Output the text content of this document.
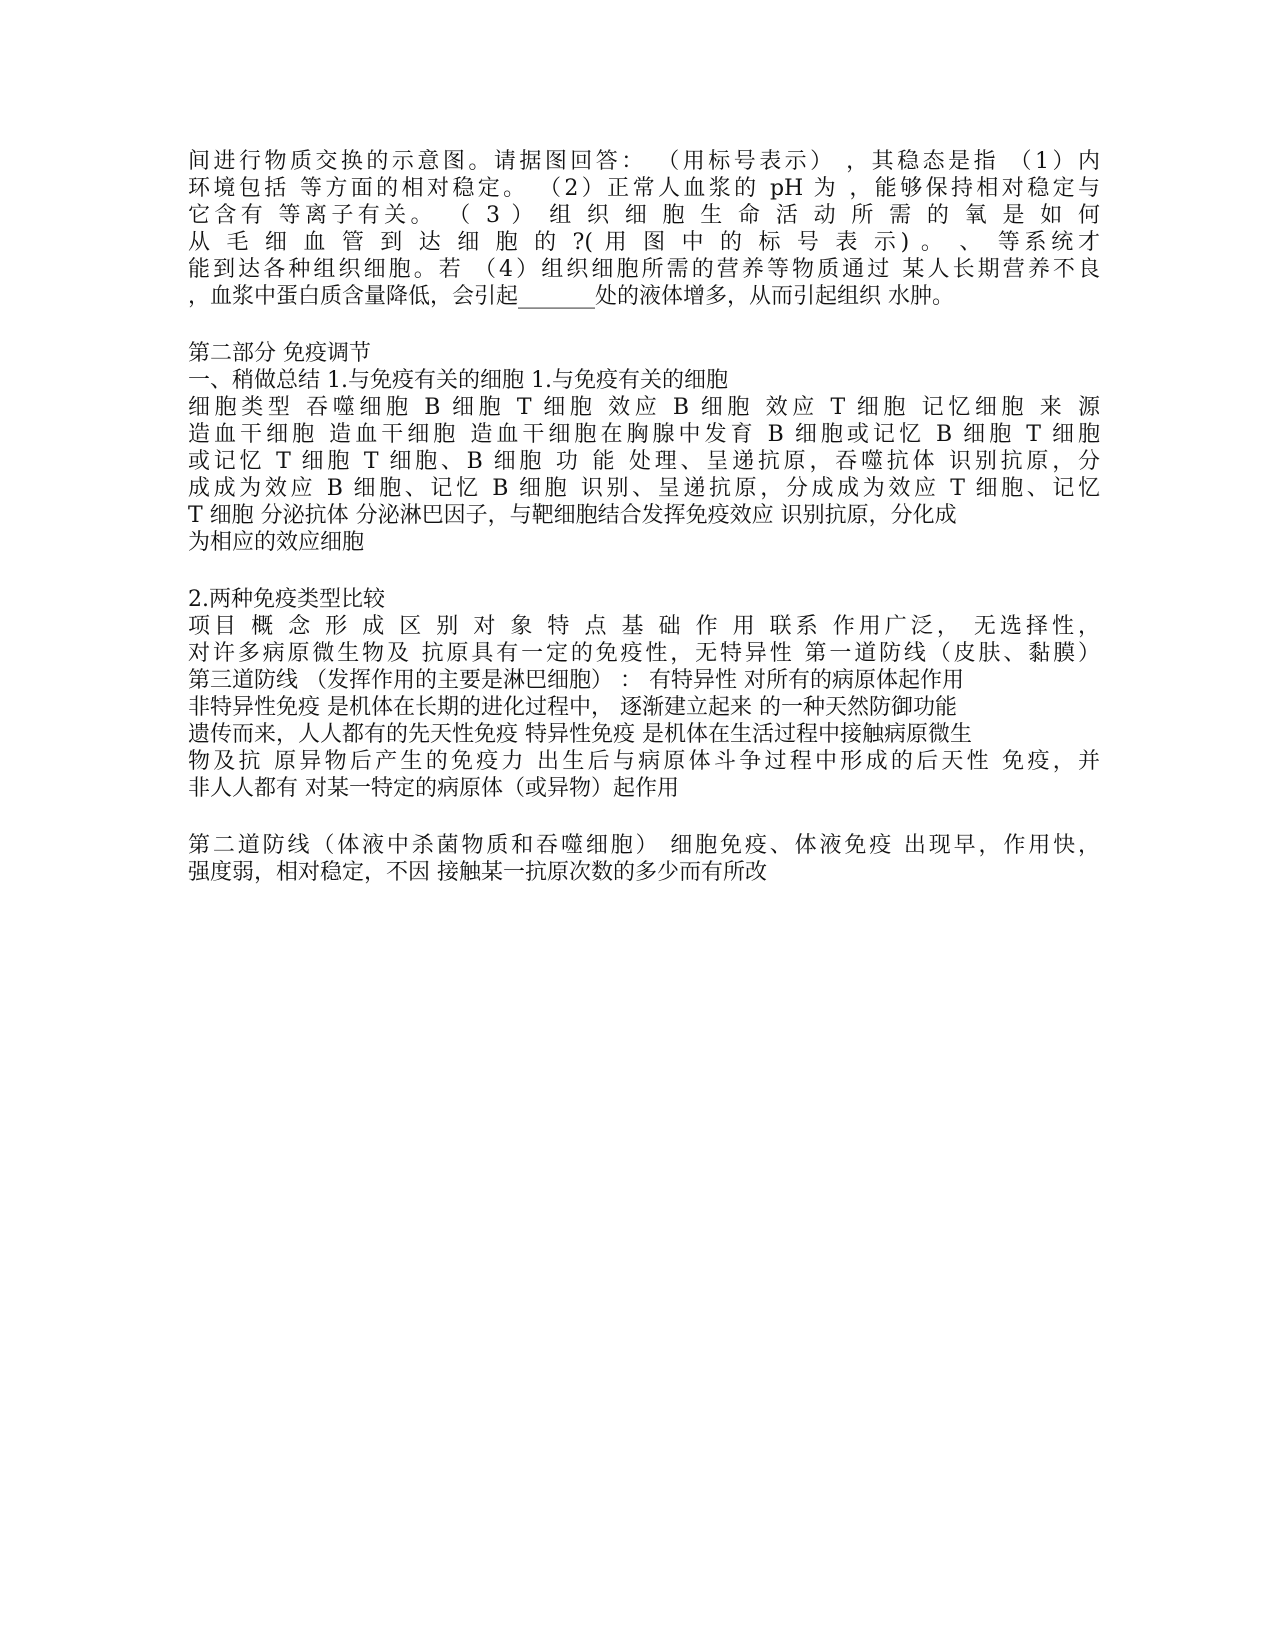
间进行物质交换的示意图。请据图回答： （用标号表示） ，其稳态是指 （1）内
环境包括 等方面的相对稳定。 （2）正常人血浆的 pH 为 ，能够保持相对稳定与
它含有 等离子有关。 （ 3 ） 组 织 细 胞 生 命 活 动 所 需 的 氧 是 如 何
从 毛 细 血 管 到 达 细 胞 的 ?( 用 图 中 的 标 号 表 示) 。 、 等系统才
能到达各种组织细胞。若 （4）组织细胞所需的营养等物质通过 某人长期营养不良
，血浆中蛋白质含量降低，会引起_______处的液体增多，从而引起组织 水肿。
第二部分 免疫调节
一、稍做总结 1.与免疫有关的细胞 1.与免疫有关的细胞
细胞类型 吞噬细胞 B 细胞 T 细胞 效应 B 细胞 效应 T 细胞 记忆细胞 来 源
造血干细胞 造血干细胞 造血干细胞在胸腺中发育 B 细胞或记忆 B 细胞 T 细胞
或记忆 T 细胞 T 细胞、B 细胞 功 能 处理、呈递抗原，吞噬抗体 识别抗原，分
成成为效应 B 细胞、记忆 B 细胞 识别、呈递抗原，分成成为效应 T 细胞、记忆
T 细胞 分泌抗体 分泌淋巴因子，与靶细胞结合发挥免疫效应 识别抗原，分化成
为相应的效应细胞
2.两种免疫类型比较
项目 概 念 形 成 区 别 对 象 特 点 基 础 作 用 联系 作用广泛， 无选择性，
对许多病原微生物及 抗原具有一定的免疫性，无特异性 第一道防线（皮肤、黏膜）
第三道防线 （发挥作用的主要是淋巴细胞） ： 有特异性 对所有的病原体起作用
非特异性免疫 是机体在长期的进化过程中， 逐渐建立起来 的一种天然防御功能
遗传而来，人人都有的先天性免疫 特异性免疫 是机体在生活过程中接触病原微生
物及抗 原异物后产生的免疫力 出生后与病原体斗争过程中形成的后天性 免疫，并
非人人都有 对某一特定的病原体（或异物）起作用
第二道防线（体液中杀菌物质和吞噬细胞） 细胞免疫、体液免疫 出现早，作用快，
强度弱，相对稳定，不因 接触某一抗原次数的多少而有所改
